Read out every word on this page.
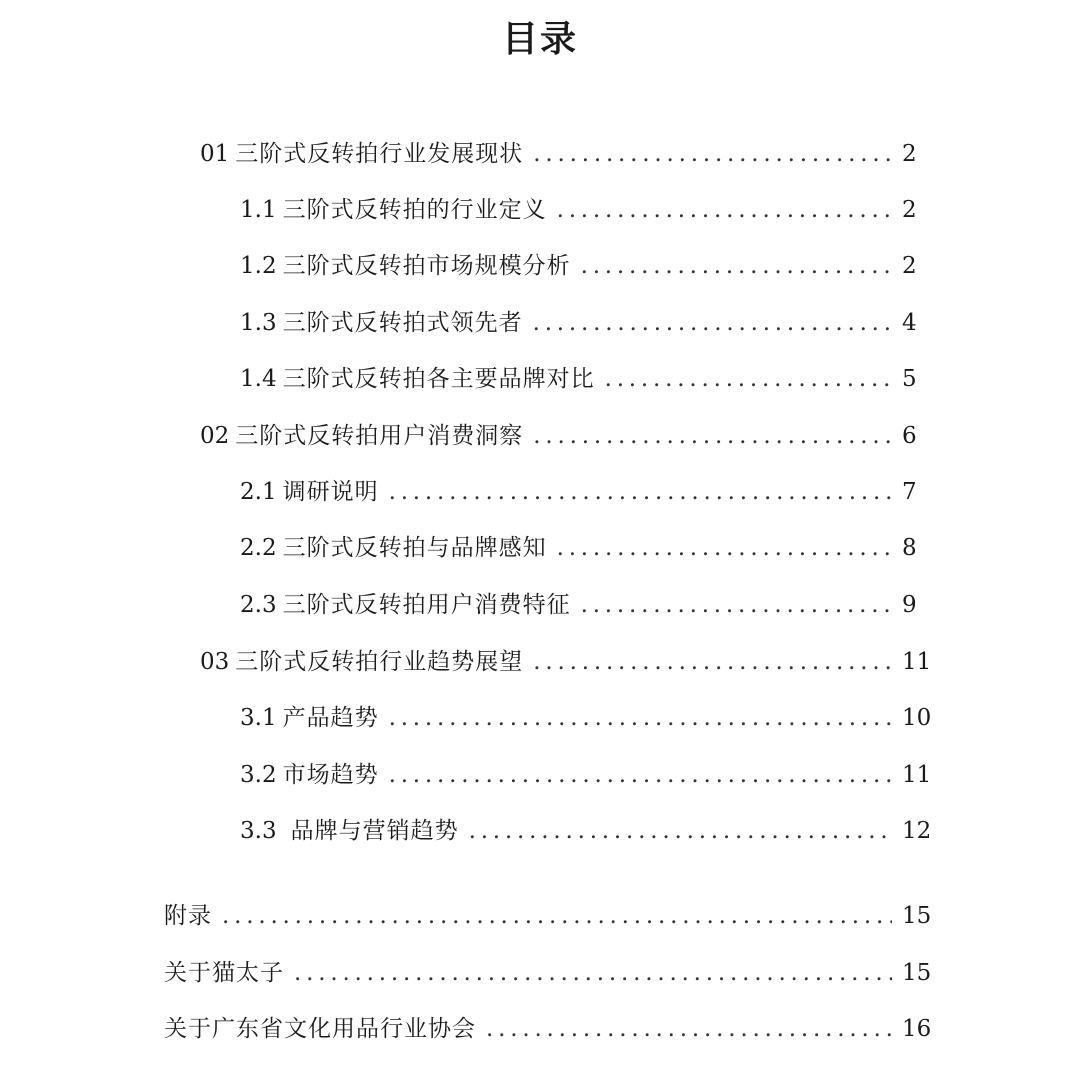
目录
01 三阶式反转拍行业发展现状 .....	2
1.1 三阶式反转拍的行业定义 .....	2
1.2 三阶式反转拍市场规模分析 .....	2
1.3 三阶式反转拍式领先者 .....	4
1.4 三阶式反转拍各主要品牌对比 .....	5
02 三阶式反转拍用户消费洞察 .....	6
2.1 调研说明 .....	7
2.2 三阶式反转拍与品牌感知 .....	8
2.3 三阶式反转拍用户消费特征 .....	9
03 三阶式反转拍行业趋势展望 .....	11
3.1 产品趋势 .....	10
3.2 市场趋势 .....	11
3.3 品牌与营销趋势 .....	12
附录 .....	15
关于猫太子 .....	15
关于广东省文化用品行业协会 .....	16
